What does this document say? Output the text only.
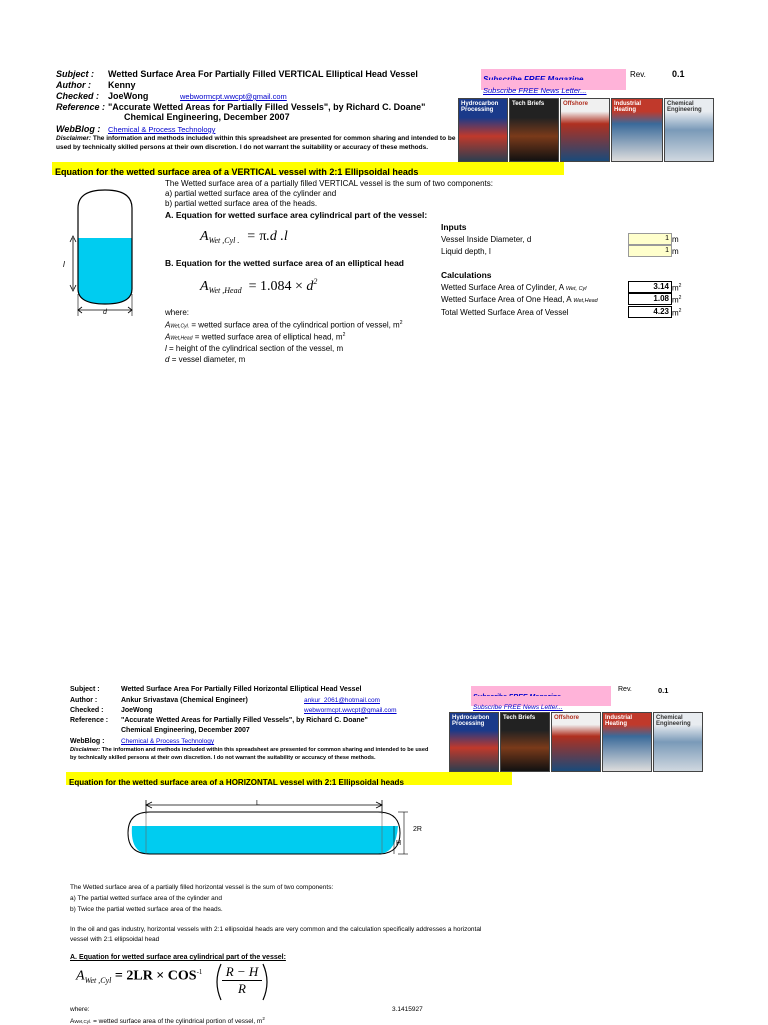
Subject : Wetted Surface Area For Partially Filled VERTICAL Elliptical Head Vessel
Author : Kenny
Checked : JoeWong	webwormcpt.wwcpt@gmail.com
Reference : "Accurate Wetted Areas for Partially Filled Vessels", by Richard C. Doane"
Chemical Engineering, December 2007
WebBlog : Chemical & Process Technology
Disclaimer: The information and methods included within this spreadsheet are presented for common sharing and intended to be used by technically skilled persons at their own discretion. I do not warrant the suitability or accuracy of these methods.
Rev.	0.1
Subscribe FREE News Letter...
Hydrocarbon Processing
Tech Briefs	Offshore	Industrial Heating
Chemical Engineering
Equation for the wetted surface area of a VERTICAL vessel with 2:1 Ellipsoidal heads
l
d
The Wetted surface area of a partially filled VERTICAL vessel is the sum of two components:
a) partial wetted surface area of the cylinder and
b) partial wetted surface area of the heads.
A. Equation for wetted surface area cylindrical part of the vessel:
$A_{Wet ,Cyl .} = \pi.d$ .l
B. Equation for the wetted surface area of an elliptical head
$A_{Wet ,Head} = 1.084 \times d^2$
where:
AWet,Cyl. = wetted surface area of the cylindrical portion of vessel, $m^2$
AWet,Head = wetted surface area of elliptical head, $m^2$
l = height of the cylindrical section of the vessel, m
d = vessel diameter, m
Inputs
Vessel Inside Diameter, d	1 m
Liquid depth, l	1 m
Calculations
Wetted Surface Area of Cylinder, A Wet, Cyl	3.14 $m^2$
Wetted Surface Area of One Head, A Wet,Head	1.08 $m^2$
Total Wetted Surface Area of Vessel	4.23 $m^2$
Subject :	Wetted Surface Area For Partially Filled Horizontal Elliptical Head Vessel
Author :	Ankur Srivastava (Chemical Engineer)	ankur_2061@hotmail.com
Checked :	JoeWong	webwormcpt.wwcpt@gmail.com
Reference : "Accurate Wetted Areas for Partially Filled Vessels", by Richard C. Doane"
Chemical Engineering, December 2007
WebBlog :	Chemical & Process Technology
Disclaimer: The information and methods included within this spreadsheet are presented for common sharing and intended to be used by technically skilled persons at their own discretion. I do not warrant the suitability or accuracy of these methods.
Rev.	0.1
Subscribe FREE News Letter...
Hydrocarbon Processing
Tech Briefs	Offshore	Industrial Heating
Chemical Engineering
Equation for the wetted surface area of a HORIZONTAL vessel with 2:1 Ellipsoidal heads
L
2R
H
The Wetted surface area of a partially filled horizontal vessel is the sum of two components:
a) The partial wetted surface area of the cylinder and
b) Twice the partial wetted surface area of the heads.
In the oil and gas industry, horizontal vessels with 2:1 ellipsoidal heads are very common and the calculation specifically addresses a horizontal vessel with 2:1 ellipsoidal head
A. Equation for wetted surface area cylindrical part of the vessel:
$A_{Wet ,Cyl} = 2LR \times COS^{-1}$ R − H
R
where:	3.1415927
AWet,Cyl. = wetted surface area of the cylindrical portion of vessel, $m^2$
